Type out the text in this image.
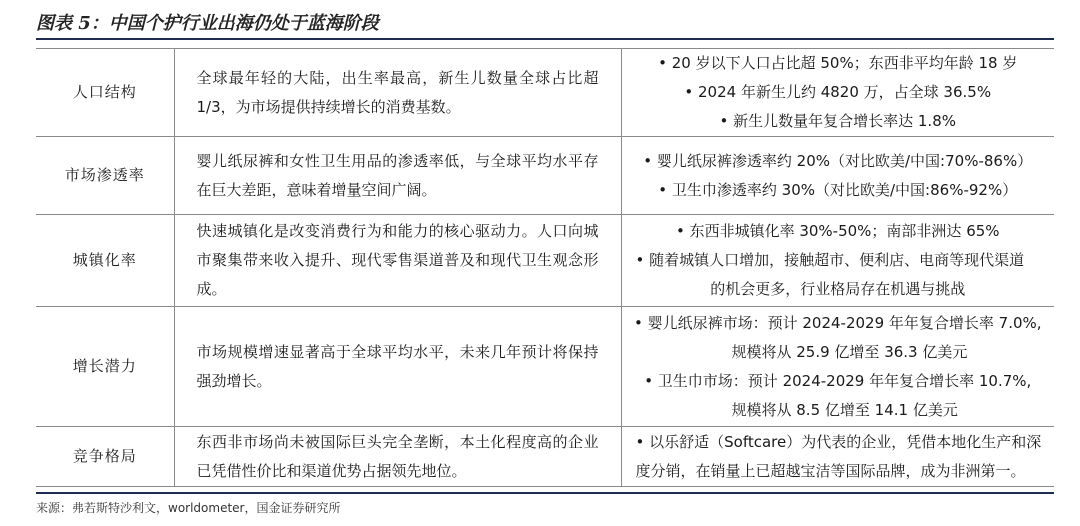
图表 5：中国个护行业出海仍处于蓝海阶段
人口结构	全球最年轻的大陆，出生率最高，新生儿数量全球占比超 1/3，为市场提供持续增长的消费基数。	• 20 岁以下人口占比超 50%；东西非平均年龄 18 岁
• 2024 年新生儿约 4820 万，占全球 36.5%
• 新生儿数量年复合增长率达 1.8%

市场渗透率	婴儿纸尿裤和女性卫生用品的渗透率低，与全球平均水平存在巨大差距，意味着增量空间广阔。	• 婴儿纸尿裤渗透率约 20%（对比欧美/中国:70%-86%）
• 卫生巾渗透率约 30%（对比欧美/中国:86%-92%）

城镇化率	快速城镇化是改变消费行为和能力的核心驱动力。人口向城市聚集带来收入提升、现代零售渠道普及和现代卫生观念形成。	• 东西非城镇化率 30%-50%；南部非洲达 65%
• 随着城镇人口增加，接触超市、便利店、电商等现代渠道
的机会更多，行业格局存在机遇与挑战

增长潜力	市场规模增速显著高于全球平均水平，未来几年预计将保持强劲增长。	• 婴儿纸尿裤市场：预计 2024-2029 年年复合增长率 7.0%,
规模将从 25.9 亿增至 36.3 亿美元
• 卫生巾市场：预计 2024-2029 年年复合增长率 10.7%,
规模将从 8.5 亿增至 14.1 亿美元

竞争格局	东西非市场尚未被国际巨头完全垄断，本土化程度高的企业已凭借性价比和渠道优势占据领先地位。	• 以乐舒适（Softcare）为代表的企业，凭借本地化生产和深
度分销，在销量上已超越宝洁等国际品牌，成为非洲第一。
来源：弗若斯特沙利文，worldometer，国金证券研究所
